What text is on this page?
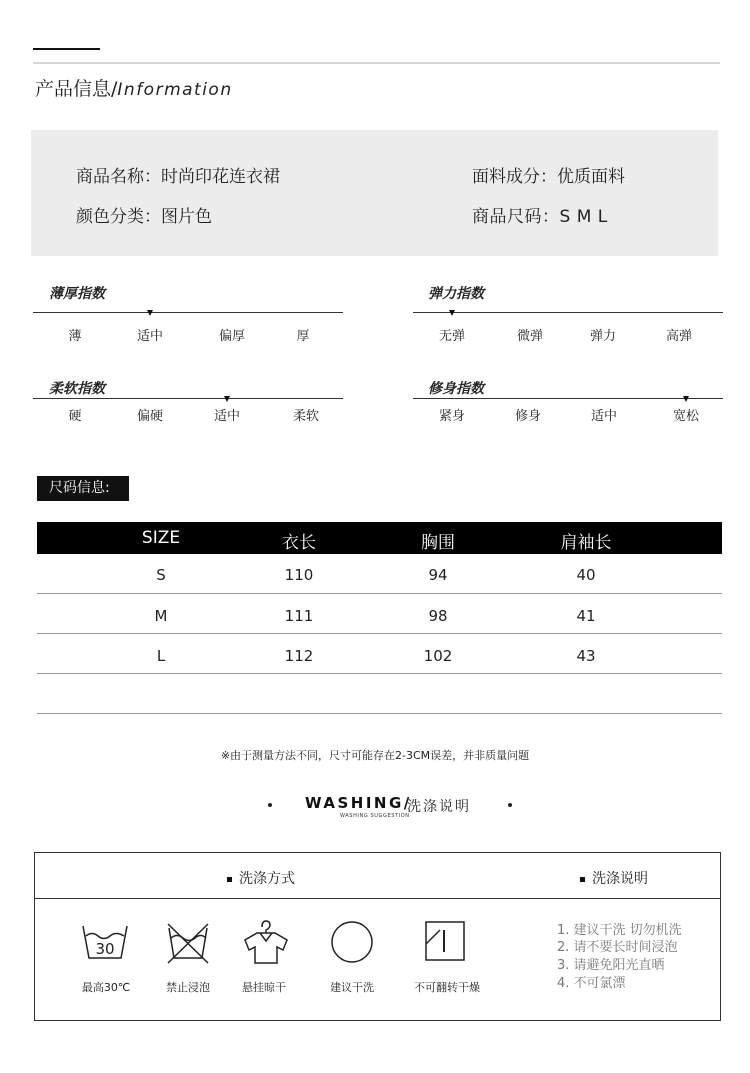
产品信息/Information
商品名称：时尚印花连衣裙	面料成分：优质面料
颜色分类：图片色	商品尺码：S M L
薄厚指数
薄	适中	偏厚	厚
弹力指数
无弹	微弹	弹力	高弹
柔软指数
硬	偏硬	适中	柔软
修身指数
紧身	修身	适中	宽松
尺码信息:
SIZE	衣长	胸围	肩袖长
S	110	94	40
M	111	98	41
L	112	102	43
※由于测量方法不同，尺寸可能存在2-3CM误差，并非质量问题
WASHING/
洗涤说明
WASHING SUGGESTION
洗涤方式	洗涤说明
30
最高30℃	禁止浸泡	悬挂晾干	建议干洗	不可翻转干燥
1. 建议干洗 切勿机洗
2. 请不要长时间浸泡
3. 请避免阳光直晒
4. 不可氯漂
